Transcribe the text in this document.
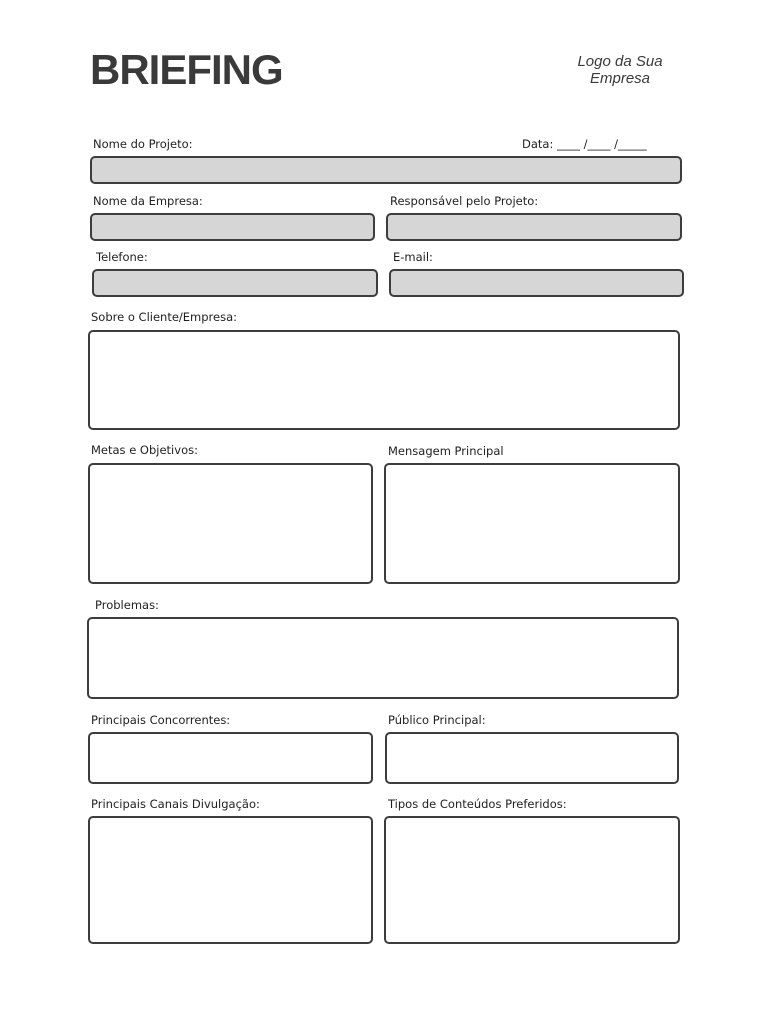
BRIEFING	Logo da Sua
Empresa
Nome do Projeto:	Data: ____ /____ /_____
Nome da Empresa:	Responsável pelo Projeto:
Telefone:	E-mail:
Sobre o Cliente/Empresa:
Metas e Objetivos:	Mensagem Principal
Problemas:
Principais Concorrentes:	Público Principal:
Principais Canais Divulgação:	Tipos de Conteúdos Preferidos:
